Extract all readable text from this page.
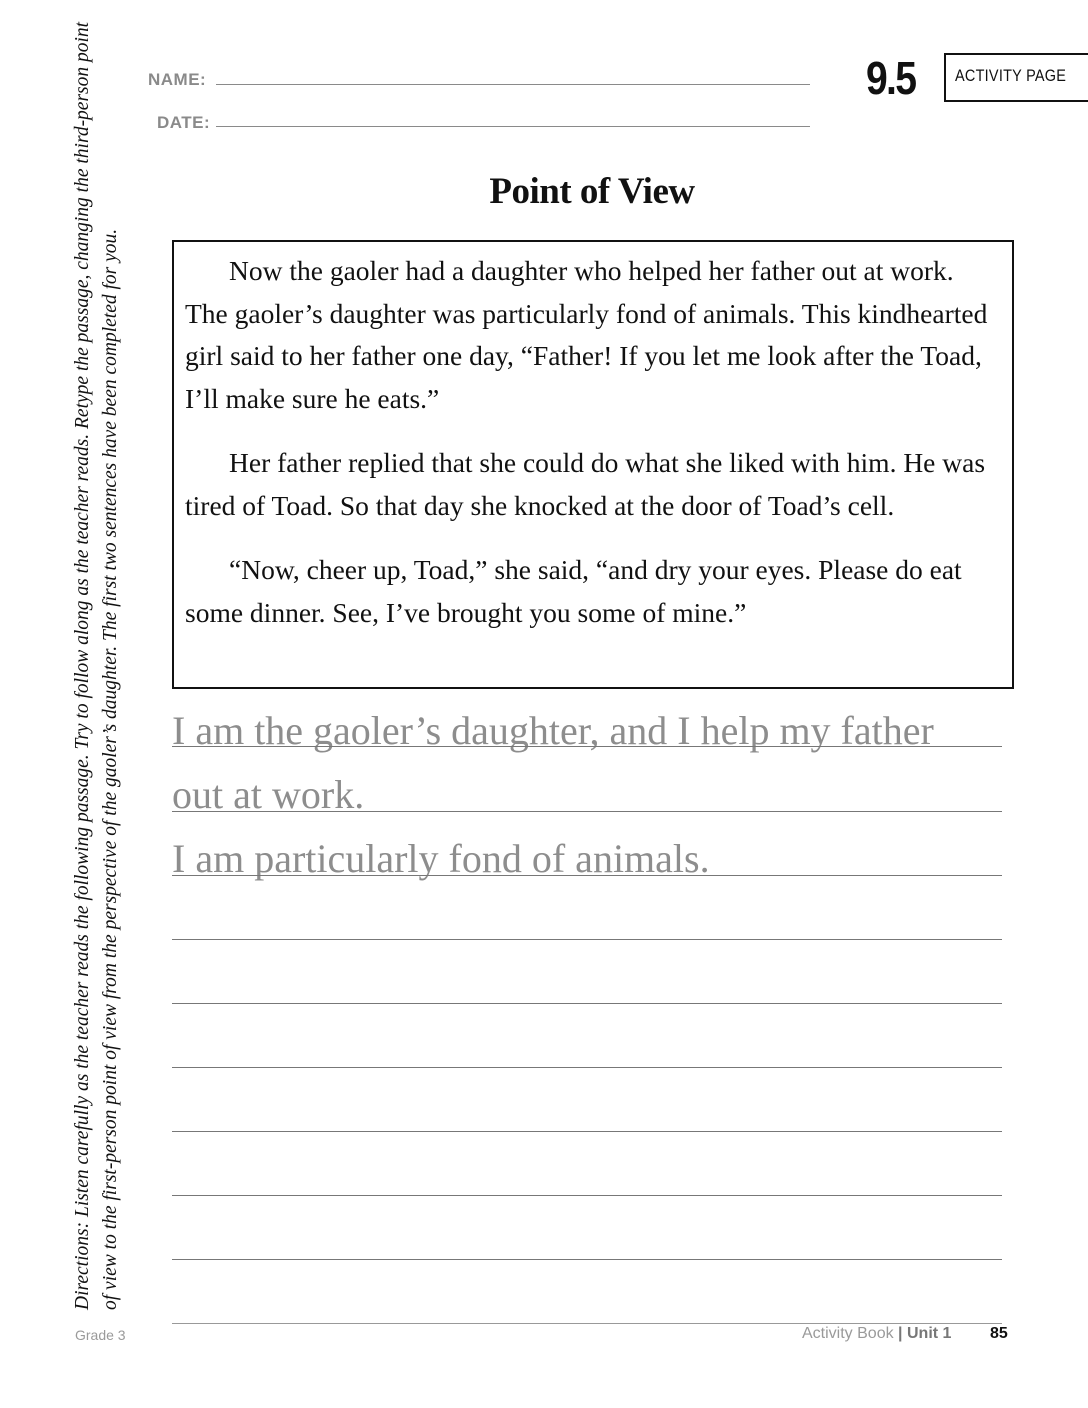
NAME:
DATE:
9.5	ACTIVITY PAGE
Point of View
Directions: Listen carefully as the teacher reads the following passage. Try to follow along as the teacher reads. Retype the passage, changing the third-person point of view to the first-person point of view from the perspective of the gaoler’s daughter. The first two sentences have been completed for you.	Now the gaoler had a daughter who helped her father out at work. The gaoler’s daughter was particularly fond of animals. This kindhearted girl said to her father one day, “Father! If you let me look after the Toad, I’ll make sure he eats.”

Her father replied that she could do what she liked with him. He was tired of Toad. So that day she knocked at the door of Toad’s cell.

“Now, cheer up, Toad,” she said, “and dry your eyes. Please do eat some dinner. See, I’ve brought you some of mine.”

I am the gaoler’s daughter, and I help my father
out at work.
I am particularly fond of animals.
Grade 3	Activity Book | Unit 1 85
